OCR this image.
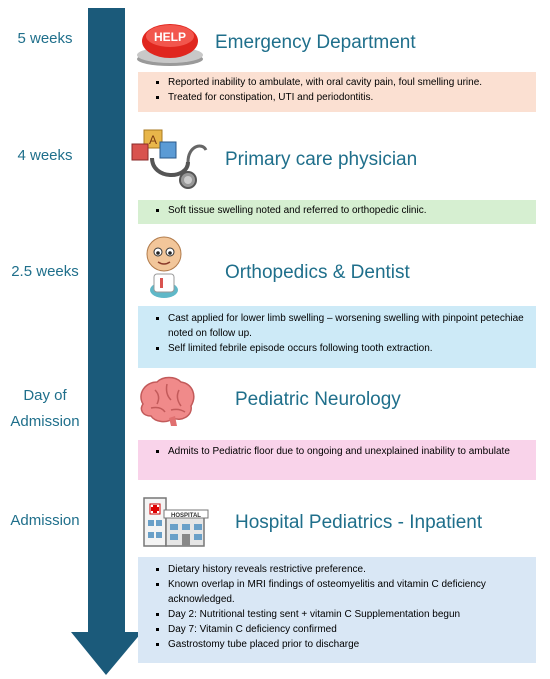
5 weeks
4 weeks
2.5 weeks
Day of
Admission
Admission
HELP Emergency Department
▪ Reported inability to ambulate, with oral cavity pain, foul smelling urine.
▪ Treated for constipation, UTI and periodontitis.
A
Primary care physician
▪ Soft tissue swelling noted and referred to orthopedic clinic.
Orthopedics & Dentist
▪ Cast applied for lower limb swelling – worsening swelling with pinpoint petechiae noted on follow up.
▪ Self limited febrile episode occurs following tooth extraction.
Pediatric Neurology
▪ Admits to Pediatric floor due to ongoing and unexplained inability to ambulate
HOSPITAL Hospital Pediatrics - Inpatient
▪ Dietary history reveals restrictive preference.
▪ Known overlap in MRI findings of osteomyelitis and vitamin C deficiency acknowledged.
▪ Day 2: Nutritional testing sent + vitamin C Supplementation begun
▪ Day 7: Vitamin C deficiency confirmed
▪ Gastrostomy tube placed prior to discharge
